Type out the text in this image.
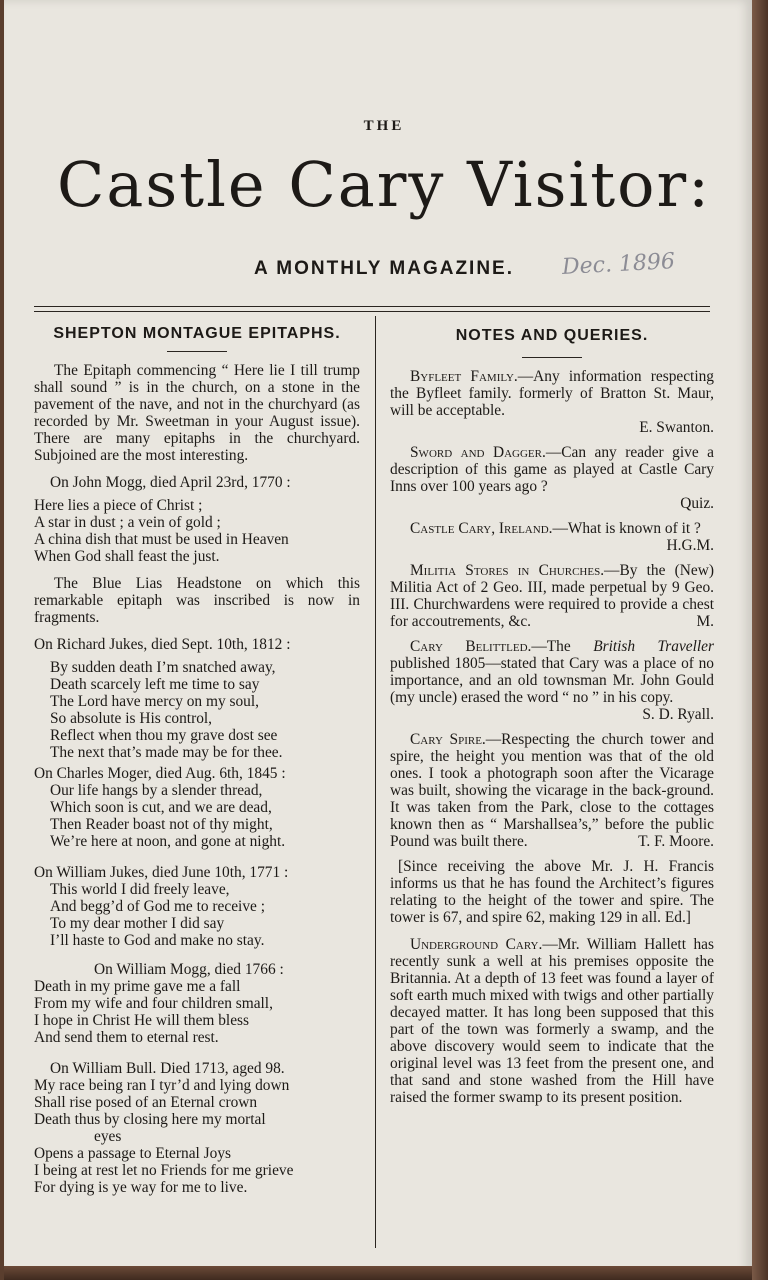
THE
Castle Cary Visitor:
A MONTHLY MAGAZINE.	Dec. 1896
SHEPTON MONTAGUE EPITAPHS.

The Epitaph commencing “ Here lie I till trump shall sound ” is in the church, on a stone in the pavement of the nave, and not in the churchyard (as recorded by Mr. Sweetman in your August issue). There are many epitaphs in the churchyard. Subjoined are the most interesting.

On John Mogg, died April 23rd, 1770 :

Here lies a piece of Christ ;

A star in dust ; a vein of gold ;

A china dish that must be used in Heaven

When God shall feast the just.

The Blue Lias Headstone on which this remarkable epitaph was inscribed is now in fragments.

On Richard Jukes, died Sept. 10th, 1812 :

By sudden death I’m snatched away,

Death scarcely left me time to say

The Lord have mercy on my soul,

So absolute is His control,

Reflect when thou my grave dost see

The next that’s made may be for thee.

On Charles Moger, died Aug. 6th, 1845 :

Our life hangs by a slender thread,

Which soon is cut, and we are dead,

Then Reader boast not of thy might,

We’re here at noon, and gone at night.

On William Jukes, died June 10th, 1771 :

This world I did freely leave,

And begg’d of God me to receive ;

To my dear mother I did say

I’ll haste to God and make no stay.

On William Mogg, died 1766 :

Death in my prime gave me a fall

From my wife and four children small,

I hope in Christ He will them bless

And send them to eternal rest.

On William Bull. Died 1713, aged 98.

My race being ran I tyr’d and lying down

Shall rise posed of an Eternal crown

Death thus by closing here my mortal

eyes

Opens a passage to Eternal Joys

I being at rest let no Friends for me grieve

For dying is ye way for me to live.

NOTES AND QUERIES.

Byfleet Family.—Any information respecting the Byfleet family. formerly of Bratton St. Maur, will be acceptable.

E. Swanton.

Sword and Dagger.—Can any reader give a description of this game as played at Castle Cary Inns over 100 years ago ?

Quiz.

Castle Cary, Ireland.—What is known of it ?

H.G.M.

Militia Stores in Churches.—By the (New) Militia Act of 2 Geo. III, made perpetual by 9 Geo. III. Churchwardens were required to provide a chest for accoutrements, &c.	M.

Cary Belittled.—The British Traveller published 1805—stated that Cary was a place of no importance, and an old townsman Mr. John Gould (my uncle) erased the word “ no ” in his copy.

S. D. Ryall.

Cary Spire.—Respecting the church tower and spire, the height you mention was that of the old ones. I took a photograph soon after the Vicarage was built, showing the vicarage in the back-ground. It was taken from the Park, close to the cottages known then as “ Marshallsea’s,” before the public Pound was built there.	T. F. Moore.

[Since receiving the above Mr. J. H. Francis informs us that he has found the Architect’s figures relating to the height of the tower and spire. The tower is 67, and spire 62, making 129 in all. Ed.]

Underground Cary.—Mr. William Hallett has recently sunk a well at his premises opposite the Britannia. At a depth of 13 feet was found a layer of soft earth much mixed with twigs and other partially decayed matter. It has long been supposed that this part of the town was formerly a swamp, and the above discovery would seem to indicate that the original level was 13 feet from the present one, and that sand and stone washed from the Hill have raised the former swamp to its present position.
